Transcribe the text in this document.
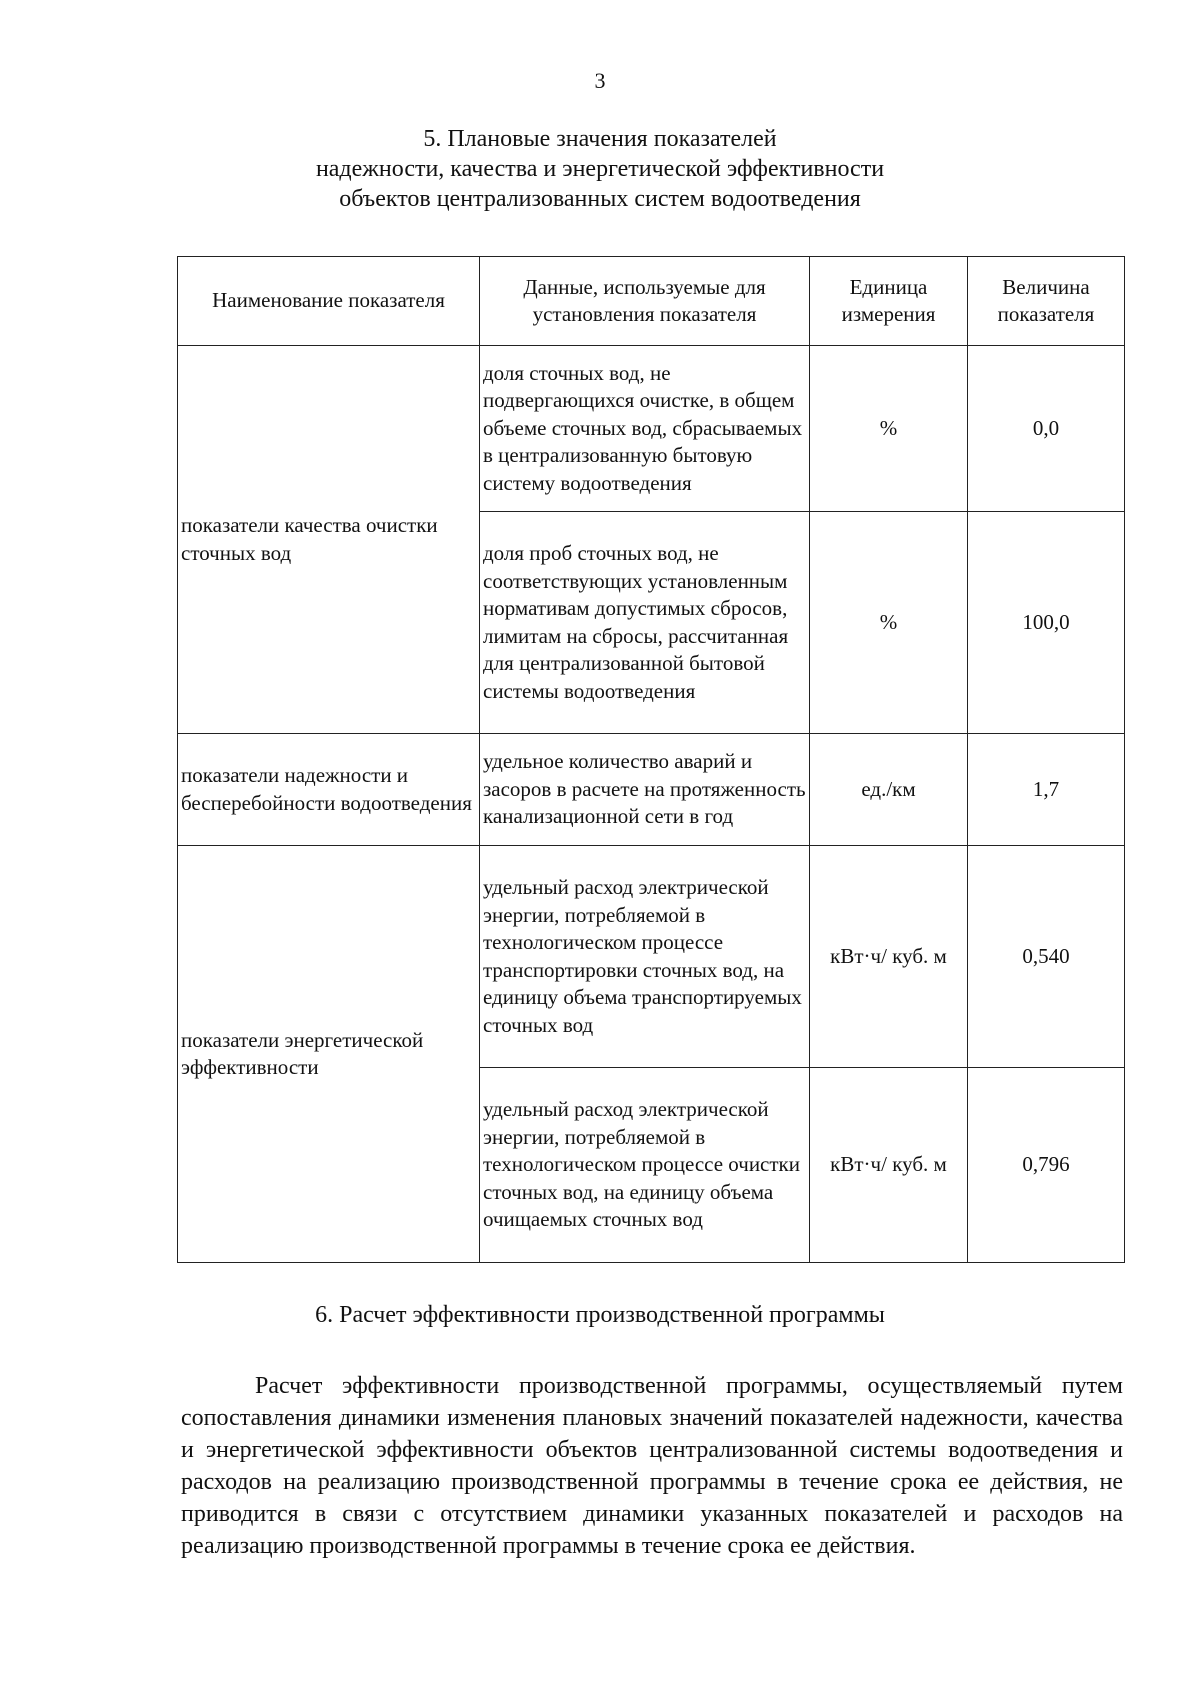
3
5. Плановые значения показателей
надежности, качества и энергетической эффективности
объектов централизованных систем водоотведения
Наименование показателя	Данные, используемые для установления показателя	Единица измерения	Величина показателя
показатели качества очистки сточных вод	доля сточных вод, не подвергающихся очистке, в общем объеме сточных вод, сбрасываемых в централизованную бытовую систему водоотведения	%	0,0
	доля проб сточных вод, не соответствующих установленным нормативам допустимых сбросов, лимитам на сбросы, рассчитанная для централизованной бытовой системы водоотведения	%	100,0
показатели надежности и бесперебойности водоотведения	удельное количество аварий и засоров в расчете на протяженность канализационной сети в год	ед./км	1,7
показатели энергетической эффективности	удельный расход электрической энергии, потребляемой в технологическом процессе транспортировки сточных вод, на единицу объема транспортируемых сточных вод	кВт·ч/ куб. м	0,540
	удельный расход электрической энергии, потребляемой в технологическом процессе очистки сточных вод, на единицу объема очищаемых сточных вод	кВт·ч/ куб. м	0,796
6. Расчет эффективности производственной программы

Расчет эффективности производственной программы, осуществляемый путем сопоставления динамики изменения плановых значений показателей надежности, качества и энергетической эффективности объектов централизованной системы водоотведения и расходов на реализацию производственной программы в течение срока ее действия, не приводится в связи с отсутствием динамики указанных показателей и расходов на реализацию производственной программы в течение срока ее действия.
